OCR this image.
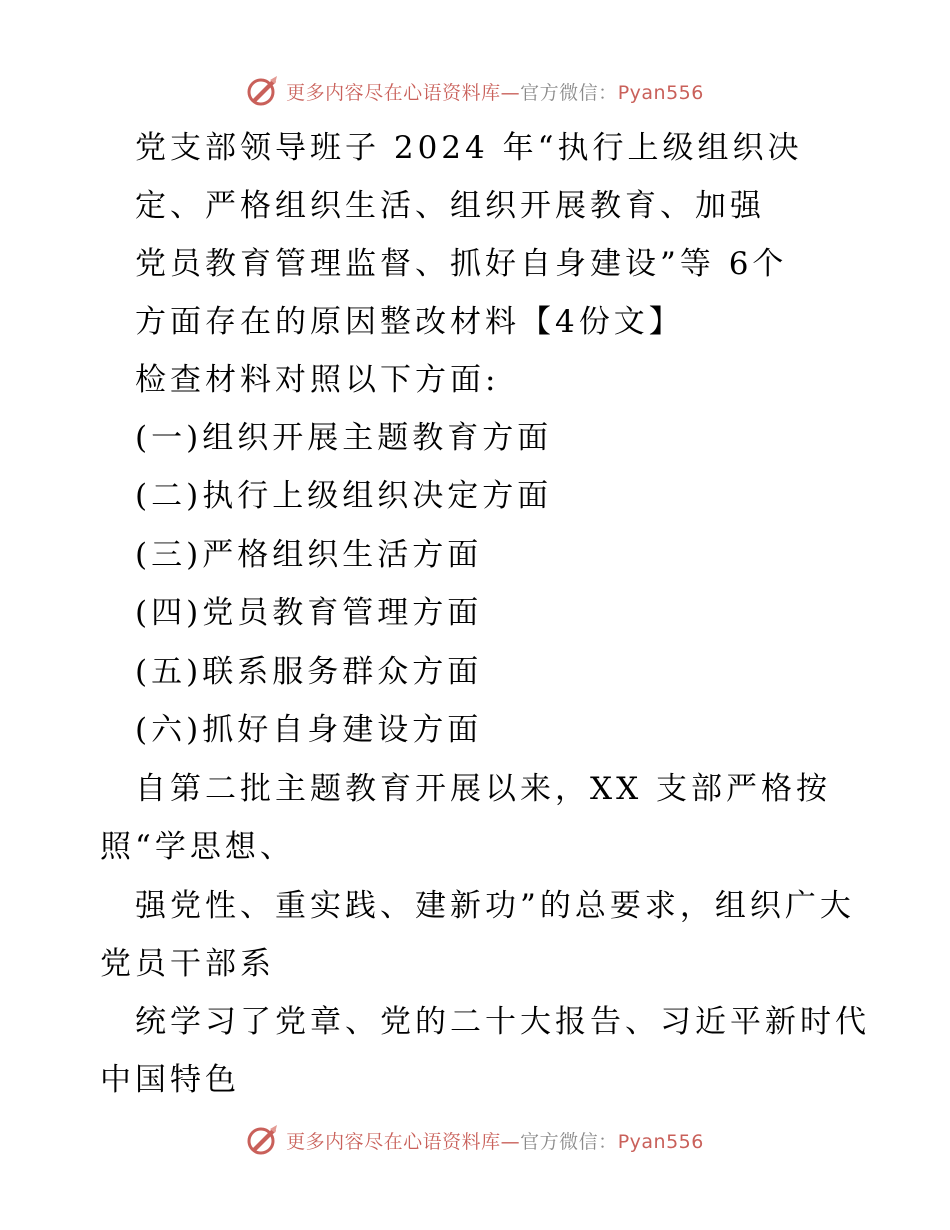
更多内容尽在心语资料库—官方微信：Pyan556
党支部领导班子 2024 年“执行上级组织决
定、严格组织生活、组织开展教育、加强
党员教育管理监督、抓好自身建设”等 6个
方面存在的原因整改材料【4份文】
检查材料对照以下方面:
(一)组织开展主题教育方面
(二)执行上级组织决定方面
(三)严格组织生活方面
(四)党员教育管理方面
(五)联系服务群众方面
(六)抓好自身建设方面
自第二批主题教育开展以来，XX 支部严格按
照“学思想、
强党性、重实践、建新功”的总要求，组织广大
党员干部系
统学习了党章、党的二十大报告、习近平新时代
中国特色
更多内容尽在心语资料库—官方微信：Pyan556
